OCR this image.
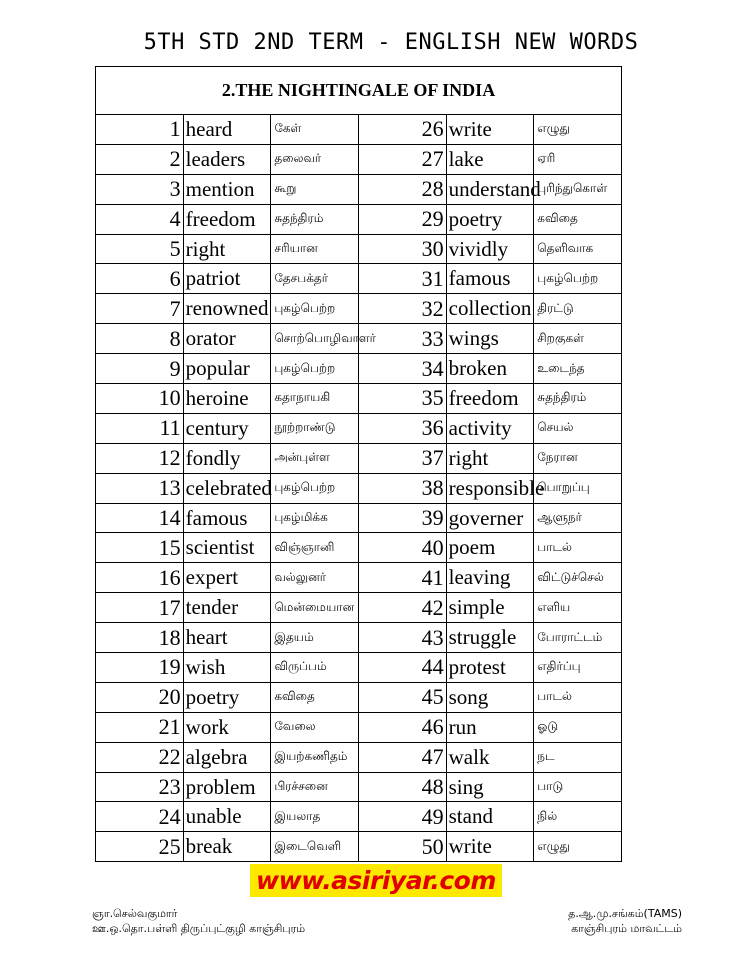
5TH STD 2ND TERM - ENGLISH NEW WORDS
2.THE NIGHTINGALE OF INDIA					
1	heard	கேள்	26	write	எழுது
2	leaders	தலைவர்	27	lake	ஏரி
3	mention	கூறு	28	understand	புரிந்துகொள்
4	freedom	சுதந்திரம்	29	poetry	கவிதை
5	right	சரியான	30	vividly	தெளிவாக
6	patriot	தேசபக்தர்	31	famous	புகழ்பெற்ற
7	renowned	புகழ்பெற்ற	32	collection	திரட்டு
8	orator	சொற்பொழிவாளர்	33	wings	சிறகுகள்
9	popular	புகழ்பெற்ற	34	broken	உடைந்த
10	heroine	கதாநாயகி	35	freedom	சுதந்திரம்
11	century	நூற்றாண்டு	36	activity	செயல்
12	fondly	அன்புள்ள	37	right	நேரான
13	celebrated	புகழ்பெற்ற	38	responsible	பொறுப்பு
14	famous	புகழ்மிக்க	39	governer	ஆளுநர்
15	scientist	விஞ்ஞானி	40	poem	பாடல்
16	expert	வல்லுனர்	41	leaving	விட்டுச்செல்
17	tender	மென்மையான	42	simple	எளிய
18	heart	இதயம்	43	struggle	போராட்டம்
19	wish	விருப்பம்	44	protest	எதிர்ப்பு
20	poetry	கவிதை	45	song	பாடல்
21	work	வேலை	46	run	ஓடு
22	algebra	இயற்கணிதம்	47	walk	நட
23	problem	பிரச்சனை	48	sing	பாடு
24	unable	இயலாத	49	stand	நில்
25	break	இடைவெளி	50	write	எழுது
www.asiriyar.com
ஞா.செல்வகுமார்
ஊ.ஒ.தொ.பள்ளி திருப்புட்குழி காஞ்சிபுரம்
த.ஆ.மு.சங்கம்(TAMS)
காஞ்சிபுரம் மாவட்டம்
